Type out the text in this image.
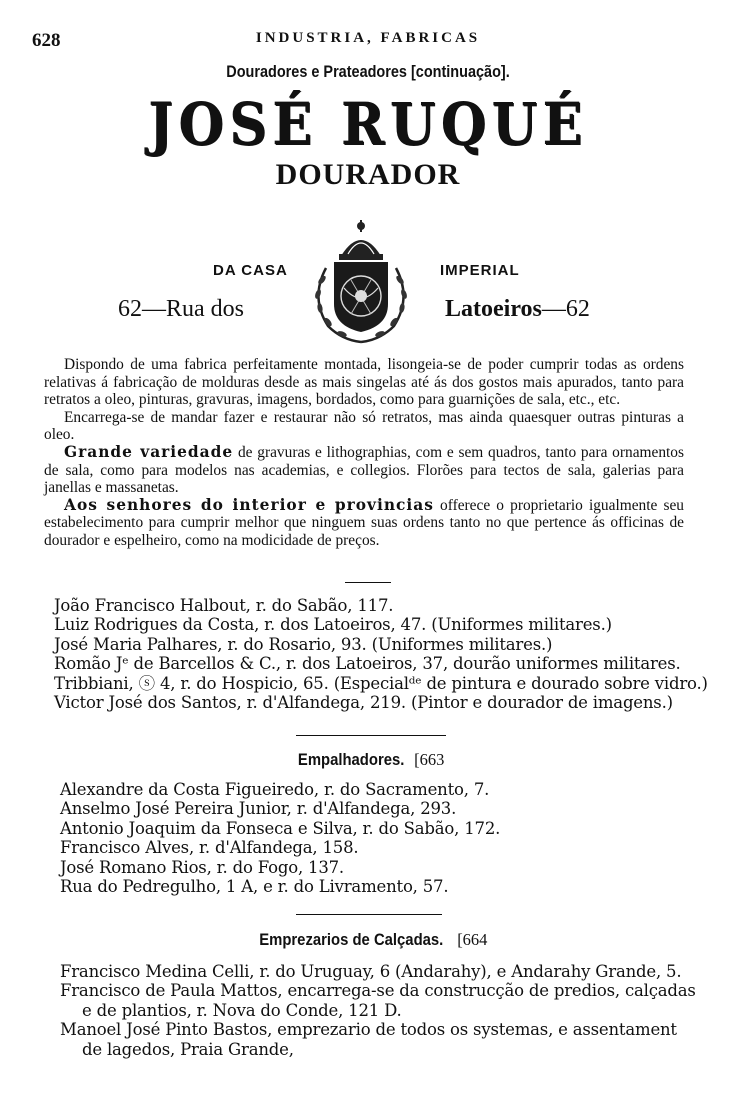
628	INDUSTRIA, FABRICAS
Douradores e Prateadores [continuação].
JOSÉ RUQUÉ
DOURADOR
DA CASA	IMPERIAL
62—Rua dos	Latoeiros—62

Dispondo de uma fabrica perfeitamente montada, lisongeia-se de poder cumprir todas as ordens relativas á fabricação de molduras desde as mais singelas até ás dos gostos mais apurados, tanto para retratos a oleo, pinturas, gravuras, imagens, bordados, como para guarnições de sala, etc., etc.

Encarrega-se de mandar fazer e restaurar não só retratos, mas ainda quaesquer outras pinturas a oleo.

Grande variedade de gravuras e lithographias, com e sem quadros, tanto para ornamentos de sala, como para modelos nas academias, e collegios. Florões para tectos de sala, galerias para janellas e massanetas.

Aos senhores do interior e provincias offerece o proprietario igualmente seu estabelecimento para cumprir melhor que ninguem suas ordens tanto no que pertence ás officinas de dourador e espelheiro, como na modicidade de preços.

João Francisco Halbout, r. do Sabão, 117.
Luiz Rodrigues da Costa, r. dos Latoeiros, 47. (Uniformes militares.)
José Maria Palhares, r. do Rosario, 93. (Uniformes militares.)
Romão Jᵉ de Barcellos & C., r. dos Latoeiros, 37, dourão uniformes militares.
Tribbiani, ⓢ 4, r. do Hospicio, 65. (Especialᵈᵉ de pintura e dourado sobre vidro.)
Victor José dos Santos, r. d'Alfandega, 219. (Pintor e dourador de imagens.)
Empalhadores. [663
Alexandre da Costa Figueiredo, r. do Sacramento, 7.
Anselmo José Pereira Junior, r. d'Alfandega, 293.
Antonio Joaquim da Fonseca e Silva, r. do Sabão, 172.
Francisco Alves, r. d'Alfandega, 158.
José Romano Rios, r. do Fogo, 137.
Rua do Pedregulho, 1 A, e r. do Livramento, 57.
Emprezarios de Calçadas. [664
Francisco Medina Celli, r. do Uruguay, 6 (Andarahy), e Andarahy Grande, 5.
Francisco de Paula Mattos, encarrega-se da construcção de predios, calçadas
e de plantios, r. Nova do Conde, 121 D.
Manoel José Pinto Bastos, emprezario de todos os systemas, e assentament
de lagedos, Praia Grande,
